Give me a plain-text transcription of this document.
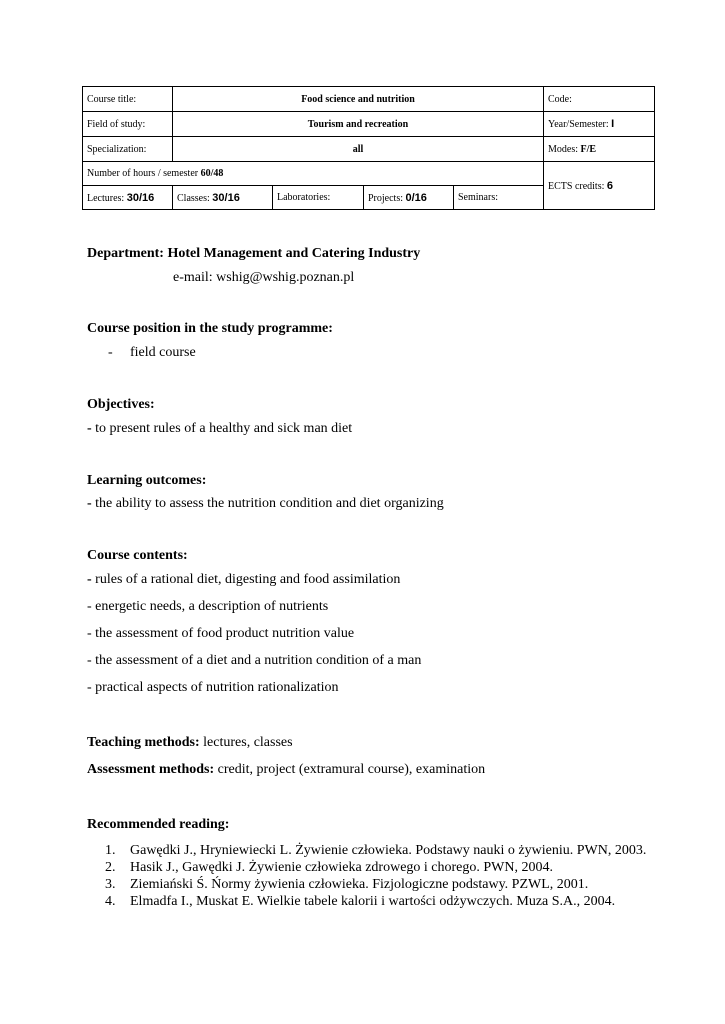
Course title:	Food science and nutrition				Code:
Field of study:	Tourism and recreation				Year/Semester: I
Specialization:	all				Modes: F/E
Number of hours / semester 60/48					ECTS credits: 6
Lectures: 30/16	Classes: 30/16	Laboratories:	Projects: 0/16	Seminars:	
Department: Hotel Management and Catering Industry
e-mail: wshig@wshig.poznan.pl
Course position in the study programme:
- field course
Objectives:
- to present rules of a healthy and sick man diet
Learning outcomes:
- the ability to assess the nutrition condition and diet organizing
Course contents:
- rules of a rational diet, digesting and food assimilation
- energetic needs, a description of nutrients
- the assessment of food product nutrition value
- the assessment of a diet and a nutrition condition of a man
- practical aspects of nutrition rationalization
Teaching methods: lectures, classes
Assessment methods: credit, project (extramural course), examination
Recommended reading:
1.	Gawędki J., Hryniewiecki L. Żywienie człowieka. Podstawy nauki o żywieniu. PWN, 2003.
2.	Hasik J., Gawędki J. Żywienie człowieka zdrowego i chorego. PWN, 2004.
3.	Ziemiański Ś. Ńormy żywienia człowieka. Fizjologiczne podstawy. PZWL, 2001.
4.	Elmadfa I., Muskat E. Wielkie tabele kalorii i wartości odżywczych. Muza S.A., 2004.
